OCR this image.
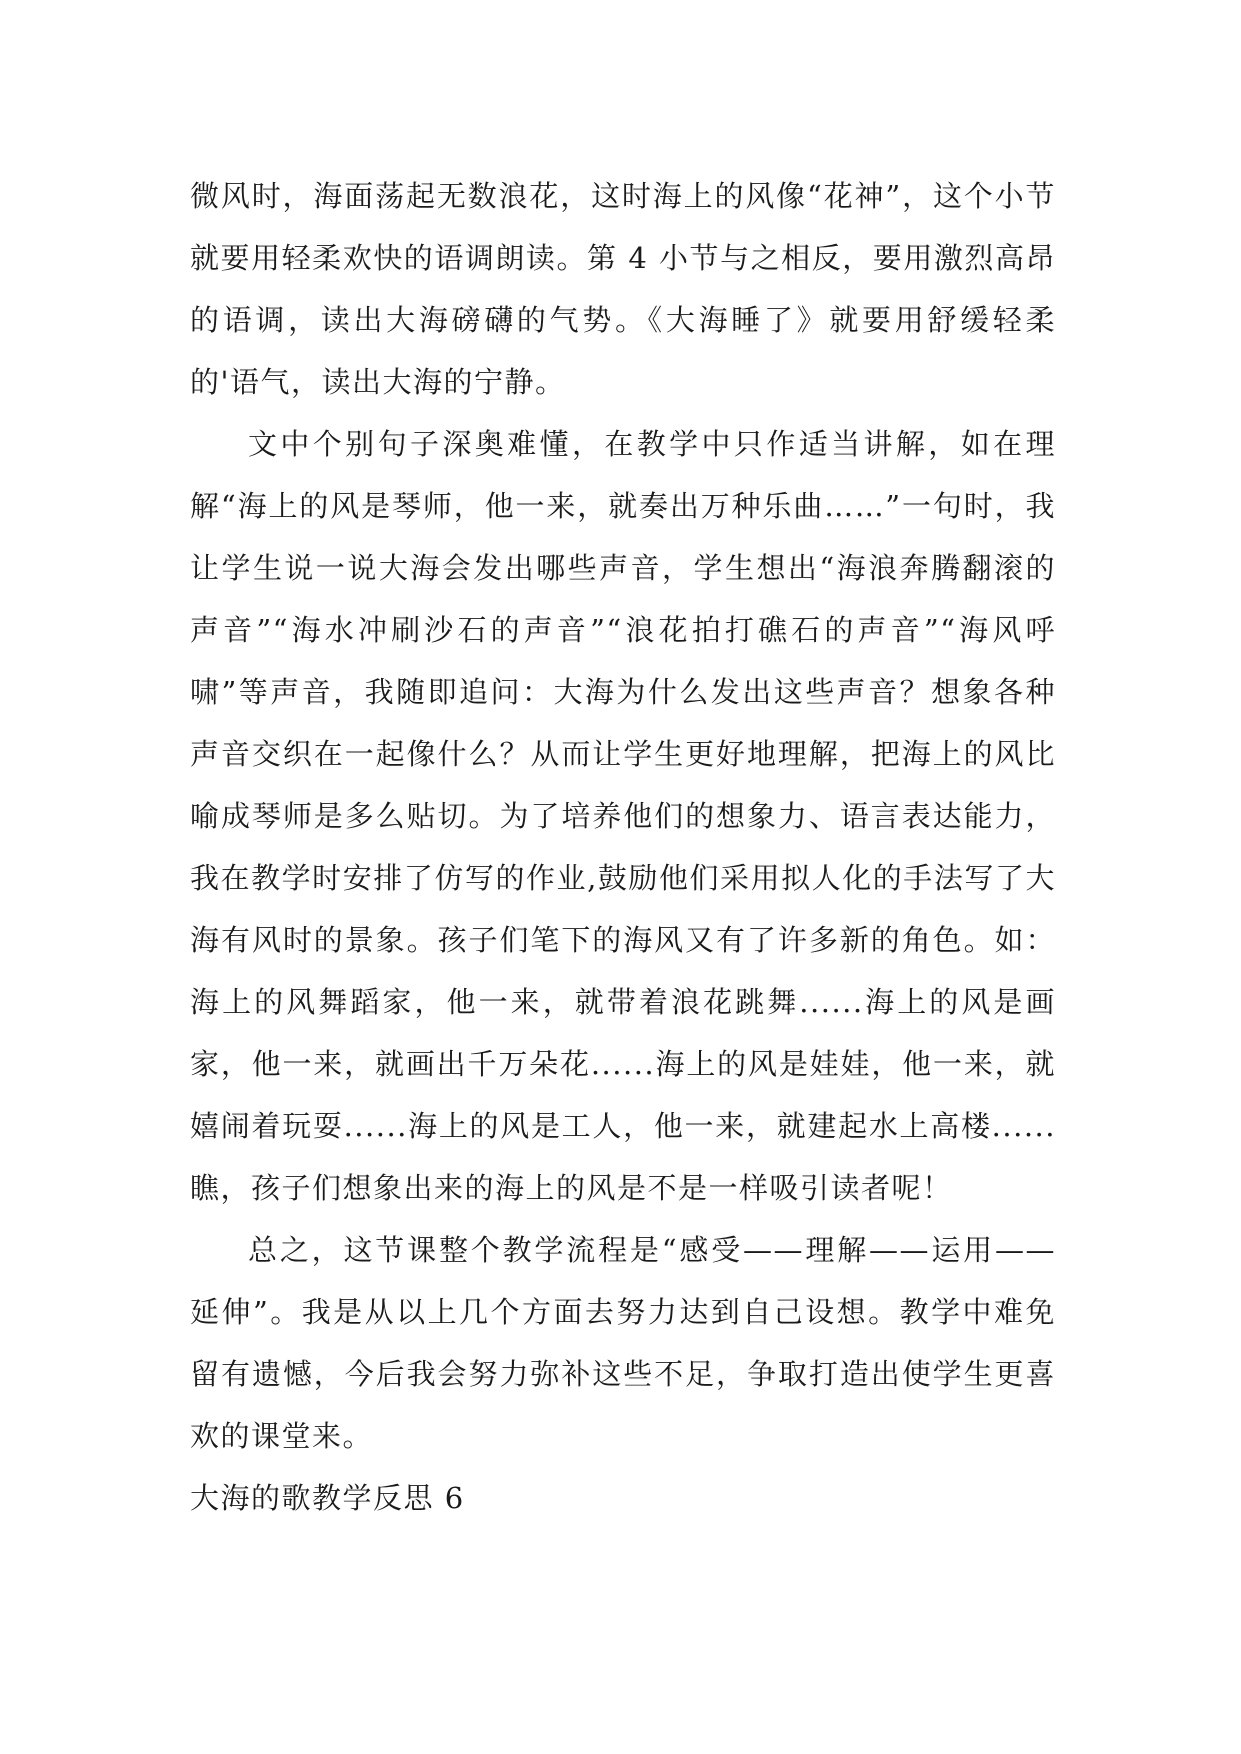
微风时，海面荡起无数浪花，这时海上的风像“花神”，这个小节就要用轻柔欢快的语调朗读。第 4 小节与之相反，要用激烈高昂的语调，读出大海磅礴的气势。《大海睡了》就要用舒缓轻柔的'语气，读出大海的宁静。

文中个别句子深奥难懂，在教学中只作适当讲解，如在理解“海上的风是琴师，他一来，就奏出万种乐曲……”一句时，我让学生说一说大海会发出哪些声音，学生想出“海浪奔腾翻滚的声音”“海水冲刷沙石的声音”“浪花拍打礁石的声音”“海风呼啸”等声音，我随即追问：大海为什么发出这些声音？想象各种声音交织在一起像什么？从而让学生更好地理解，把海上的风比喻成琴师是多么贴切。为了培养他们的想象力、语言表达能力，我在教学时安排了仿写的作业,鼓励他们采用拟人化的手法写了大海有风时的景象。孩子们笔下的海风又有了许多新的角色。如：海上的风舞蹈家，他一来，就带着浪花跳舞......海上的风是画家，他一来，就画出千万朵花......海上的风是娃娃，他一来，就嬉闹着玩耍......海上的风是工人，他一来，就建起水上高楼......瞧，孩子们想象出来的海上的风是不是一样吸引读者呢！

总之，这节课整个教学流程是“感受——理解——运用——延伸”。我是从以上几个方面去努力达到自己设想。教学中难免留有遗憾，今后我会努力弥补这些不足，争取打造出使学生更喜欢的课堂来。

大海的歌教学反思 6
